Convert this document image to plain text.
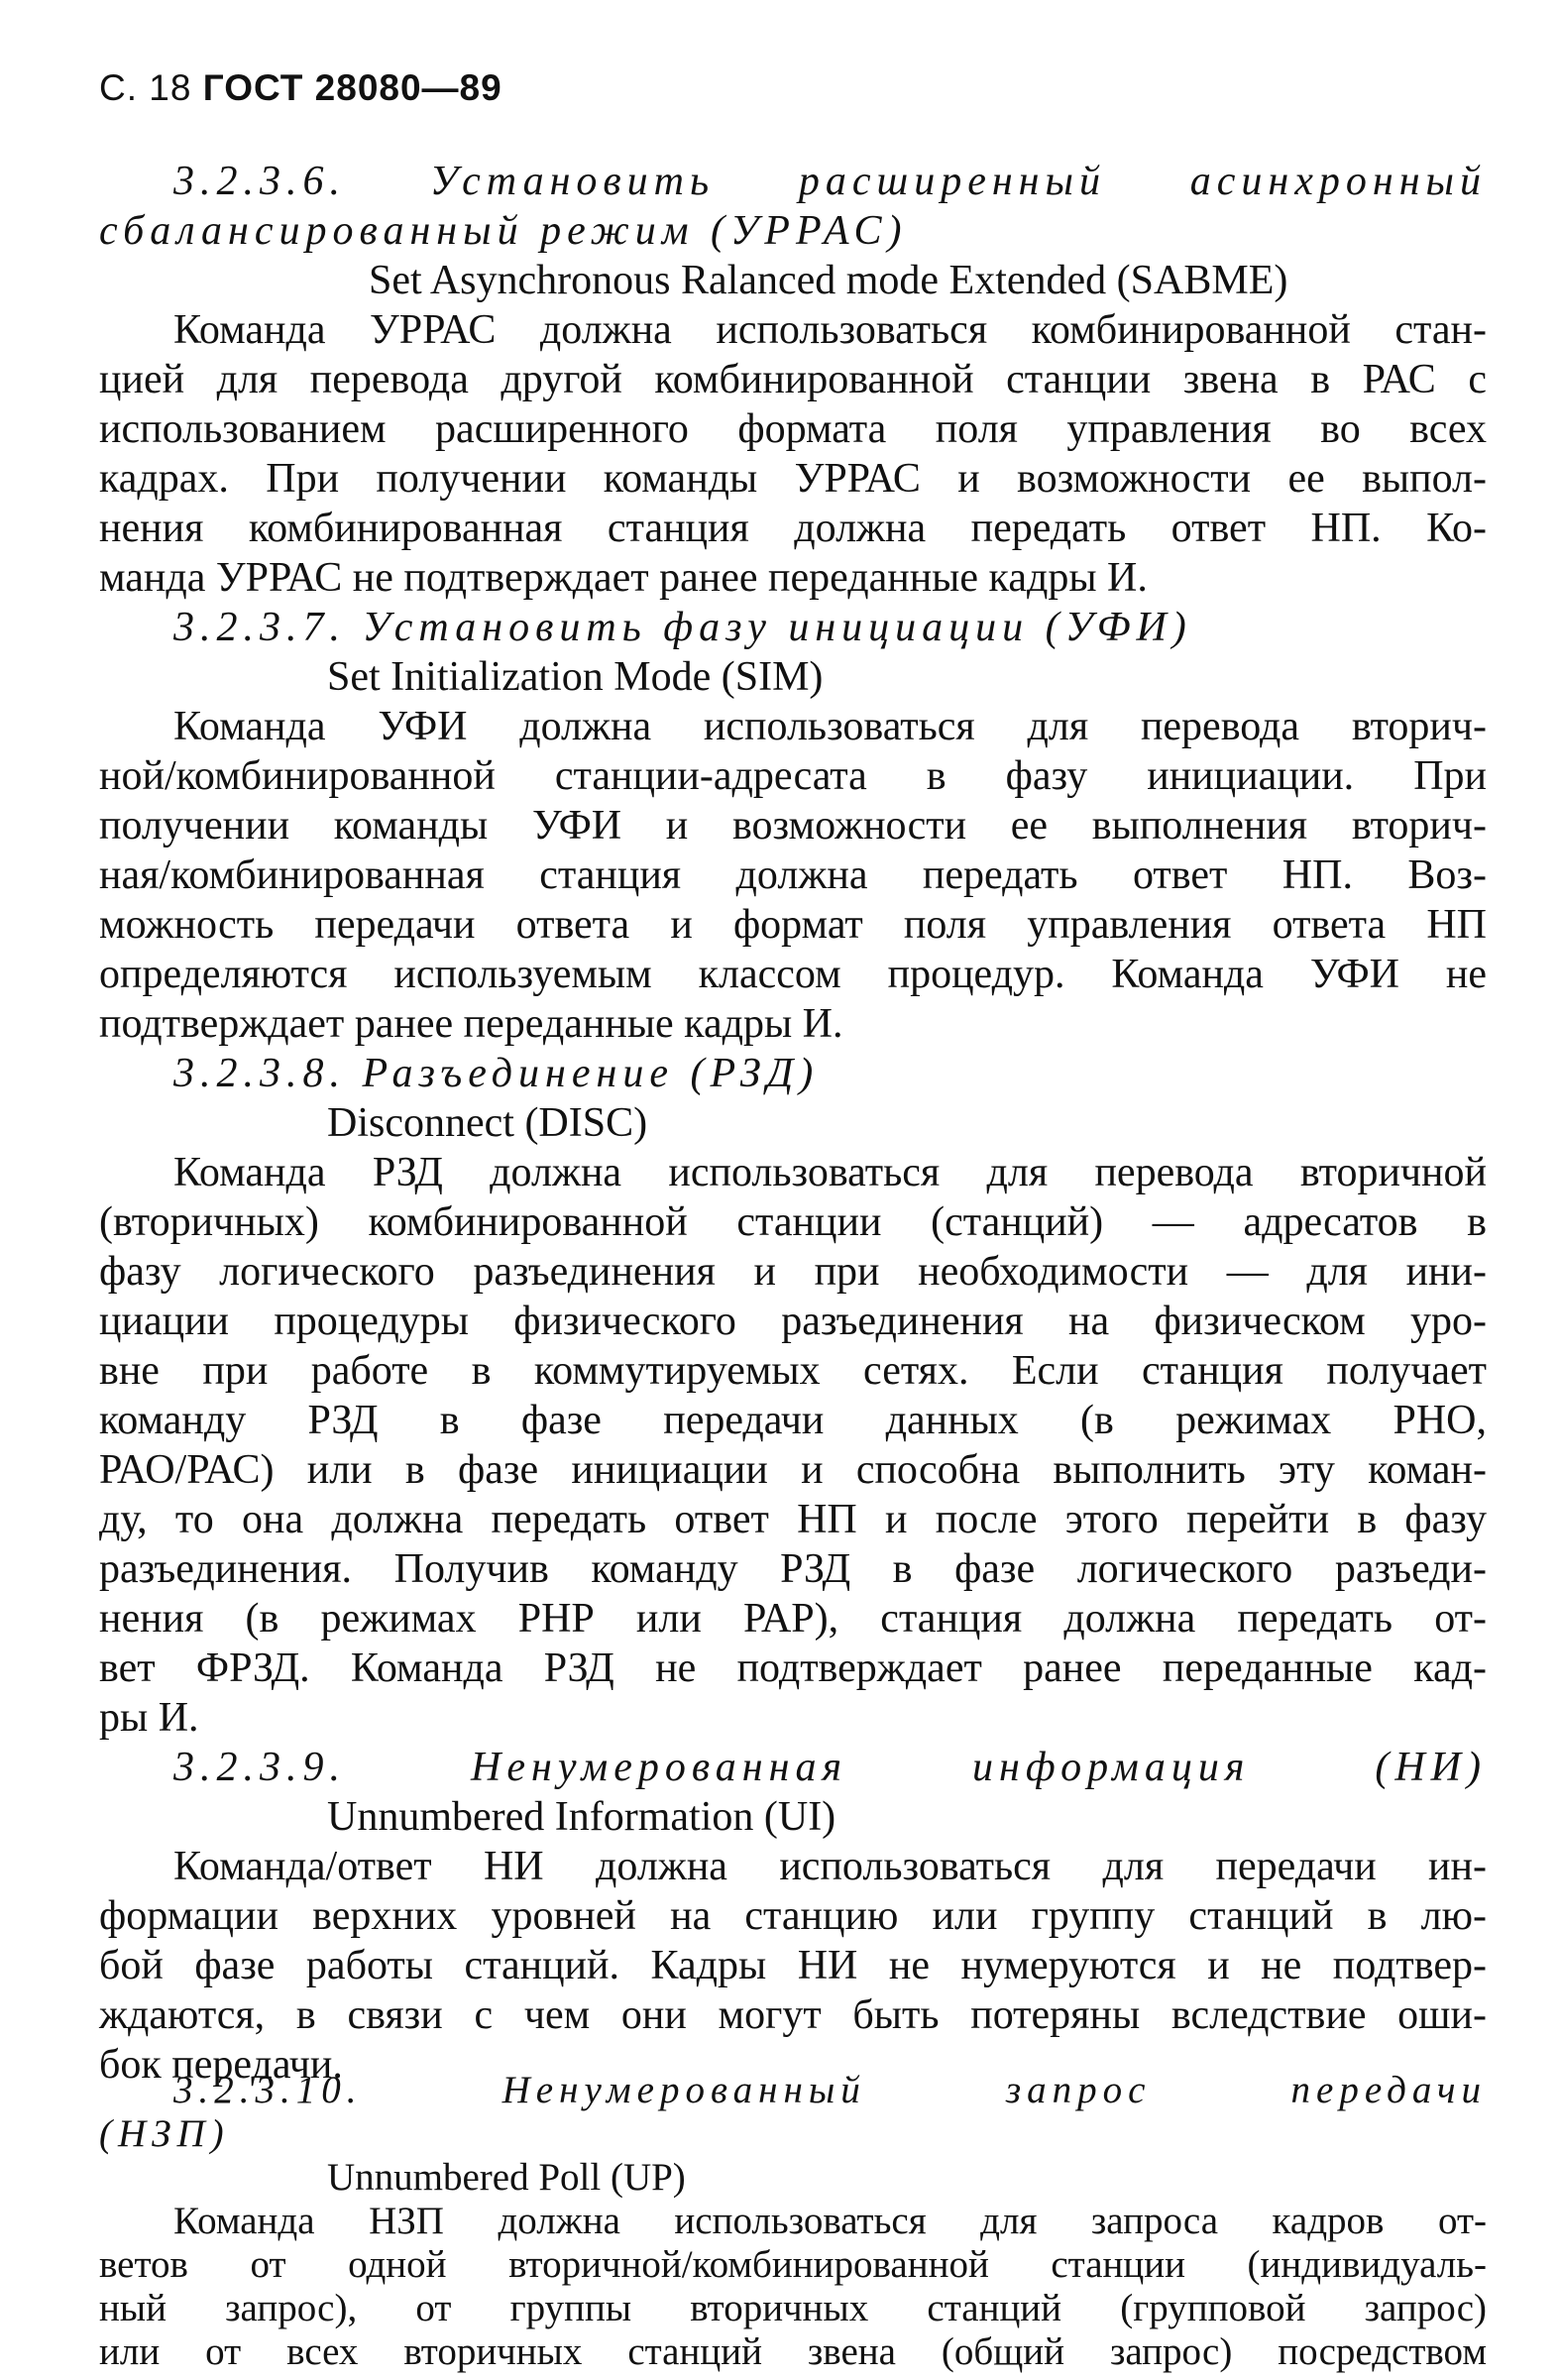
С. 18 ГОСТ 28080—89
3.2.3.6. Установить расширенный асинхронный
сбалансированный режим (УРРАС)
Set Asynchronous Ralanced mode Extended (SABME)
Команда УРРАС должна использоваться комбинированной стан-
цией для перевода другой комбинированной станции звена в РАС с
использованием расширенного формата поля управления во всех
кадрах. При получении команды УРРАС и возможности ее выпол-
нения комбинированная станция должна передать ответ НП. Ко-
манда УРРАС не подтверждает ранее переданные кадры И.
3.2.3.7. Установить фазу инициации (УФИ)
Set Initialization Mode (SIM)
Команда УФИ должна использоваться для перевода вторич-
ной/комбинированной станции-адресата в фазу инициации. При
получении команды УФИ и возможности ее выполнения вторич-
ная/комбинированная станция должна передать ответ НП. Воз-
можность передачи ответа и формат поля управления ответа НП
определяются используемым классом процедур. Команда УФИ не
подтверждает ранее переданные кадры И.
3.2.3.8. Разъединение (РЗД)
Disconnect (DISC)
Команда РЗД должна использоваться для перевода вторичной
(вторичных) комбинированной станции (станций) — адресатов в
фазу логического разъединения и при необходимости — для ини-
циации процедуры физического разъединения на физическом уро-
вне при работе в коммутируемых сетях. Если станция получает
команду РЗД в фазе передачи данных (в режимах РНО,
РАО/РАС) или в фазе инициации и способна выполнить эту коман-
ду, то она должна передать ответ НП и после этого перейти в фазу
разъединения. Получив команду РЗД в фазе логического разъеди-
нения (в режимах РНР или РАР), станция должна передать от-
вет ФРЗД. Команда РЗД не подтверждает ранее переданные кад-
ры И.
3.2.3.9. Ненумерованная информация (НИ)
Unnumbered Information (UI)
Команда/ответ НИ должна использоваться для передачи ин-
формации верхних уровней на станцию или группу станций в лю-
бой фазе работы станций. Кадры НИ не нумеруются и не подтвер-
ждаются, в связи с чем они могут быть потеряны вследствие оши-
бок передачи.
3.2.3.10. Ненумерованный запрос передачи
(НЗП)
Unnumbered Poll (UP)
Команда НЗП должна использоваться для запроса кадров от-
ветов от одной вторичной/комбинированной станции (индивидуаль-
ный запрос), от группы вторичных станций (групповой запрос)
или от всех вторичных станций звена (общий запрос) посредством
